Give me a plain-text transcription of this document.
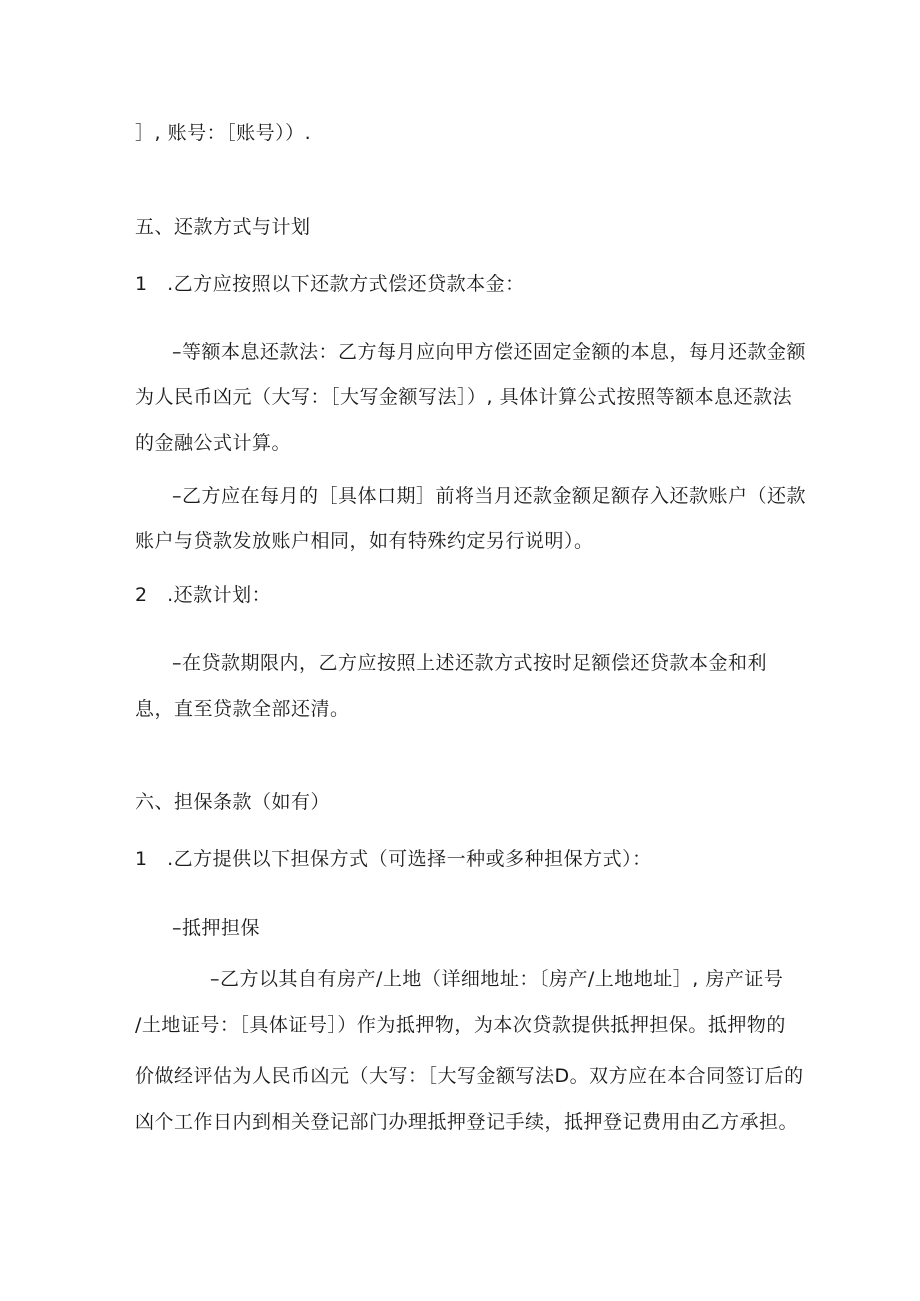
］, 账号：［账号））.
五、还款方式与计划
1　.乙方应按照以下还款方式偿还贷款本金：
–等额本息还款法：乙方每月应向甲方偿还固定金额的本息，每月还款金额
为人民币凶元（大写：［大写金额写法］）, 具体计算公式按照等额本息还款法
的金融公式计算。
–乙方应在每月的［具体口期］前将当月还款金额足额存入还款账户（还款
账户与贷款发放账户相同，如有特殊约定另行说明）。
2　.还款计划：
–在贷款期限内，乙方应按照上述还款方式按时足额偿还贷款本金和利
息，直至贷款全部还清。
六、担保条款（如有）
1　.乙方提供以下担保方式（可选择一种或多种担保方式）：
–抵押担保
–乙方以其自有房产/上地（详细地址：〔房产/上地地址］, 房产证号
/土地证号：［具体证号］）作为抵押物，为本次贷款提供抵押担保。抵押物的
价做经评估为人民币凶元（大写：［大写金额写法D。双方应在本合同签订后的
凶个工作日内到相关登记部门办理抵押登记手续，抵押登记费用由乙方承担。
